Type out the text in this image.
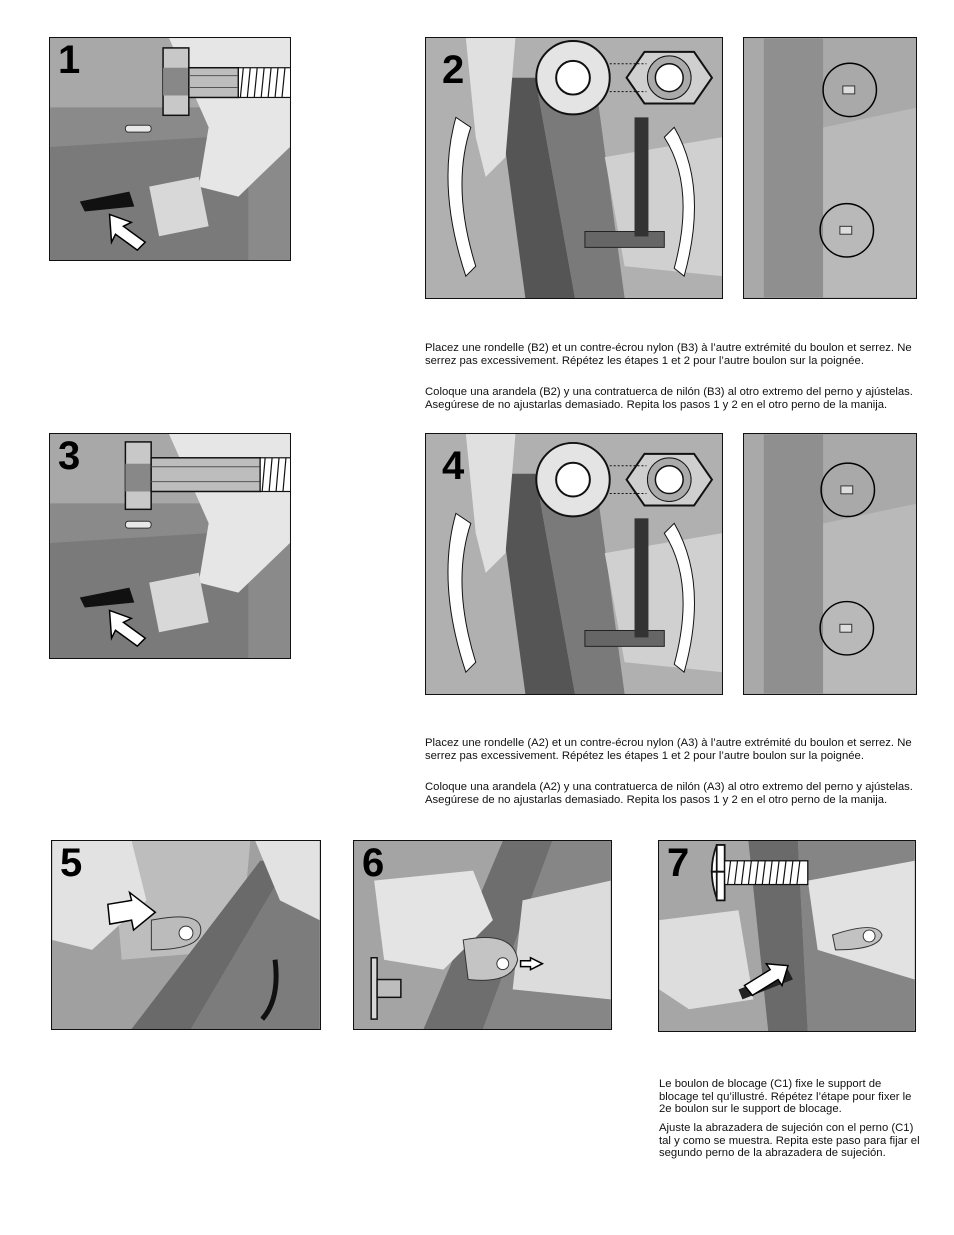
1	2

Placez une rondelle (B2) et un contre-écrou nylon (B3) à l’autre extrémité du boulon et serrez. Ne serrez pas excessivement. Répétez les étapes 1 et 2 pour l’autre boulon sur la poignée.

Coloque una arandela (B2) y una contratuerca de nilón (B3) al otro extremo del perno y ajústelas. Asegúrese de no ajustarlas demasiado. Repita los pasos 1 y 2 en el otro perno de la manija.

3	4

Placez une rondelle (A2) et un contre-écrou nylon (A3) à l’autre extrémité du boulon et serrez. Ne serrez pas excessivement. Répétez les étapes 1 et 2 pour l’autre boulon sur la poignée.

Coloque una arandela (A2) y una contratuerca de nilón (A3) al otro extremo del perno y ajústelas. Asegúrese de no ajustarlas demasiado. Repita los pasos 1 y 2 en el otro perno de la manija.

5	6	7

Le boulon de blocage (C1) fixe le support de blocage tel qu’illustré. Répétez l’étape pour fixer le 2e boulon sur le support de blocage.

Ajuste la abrazadera de sujeción con el perno (C1) tal y como se muestra. Repita este paso para fijar el segundo perno de la abrazadera de sujeción.
